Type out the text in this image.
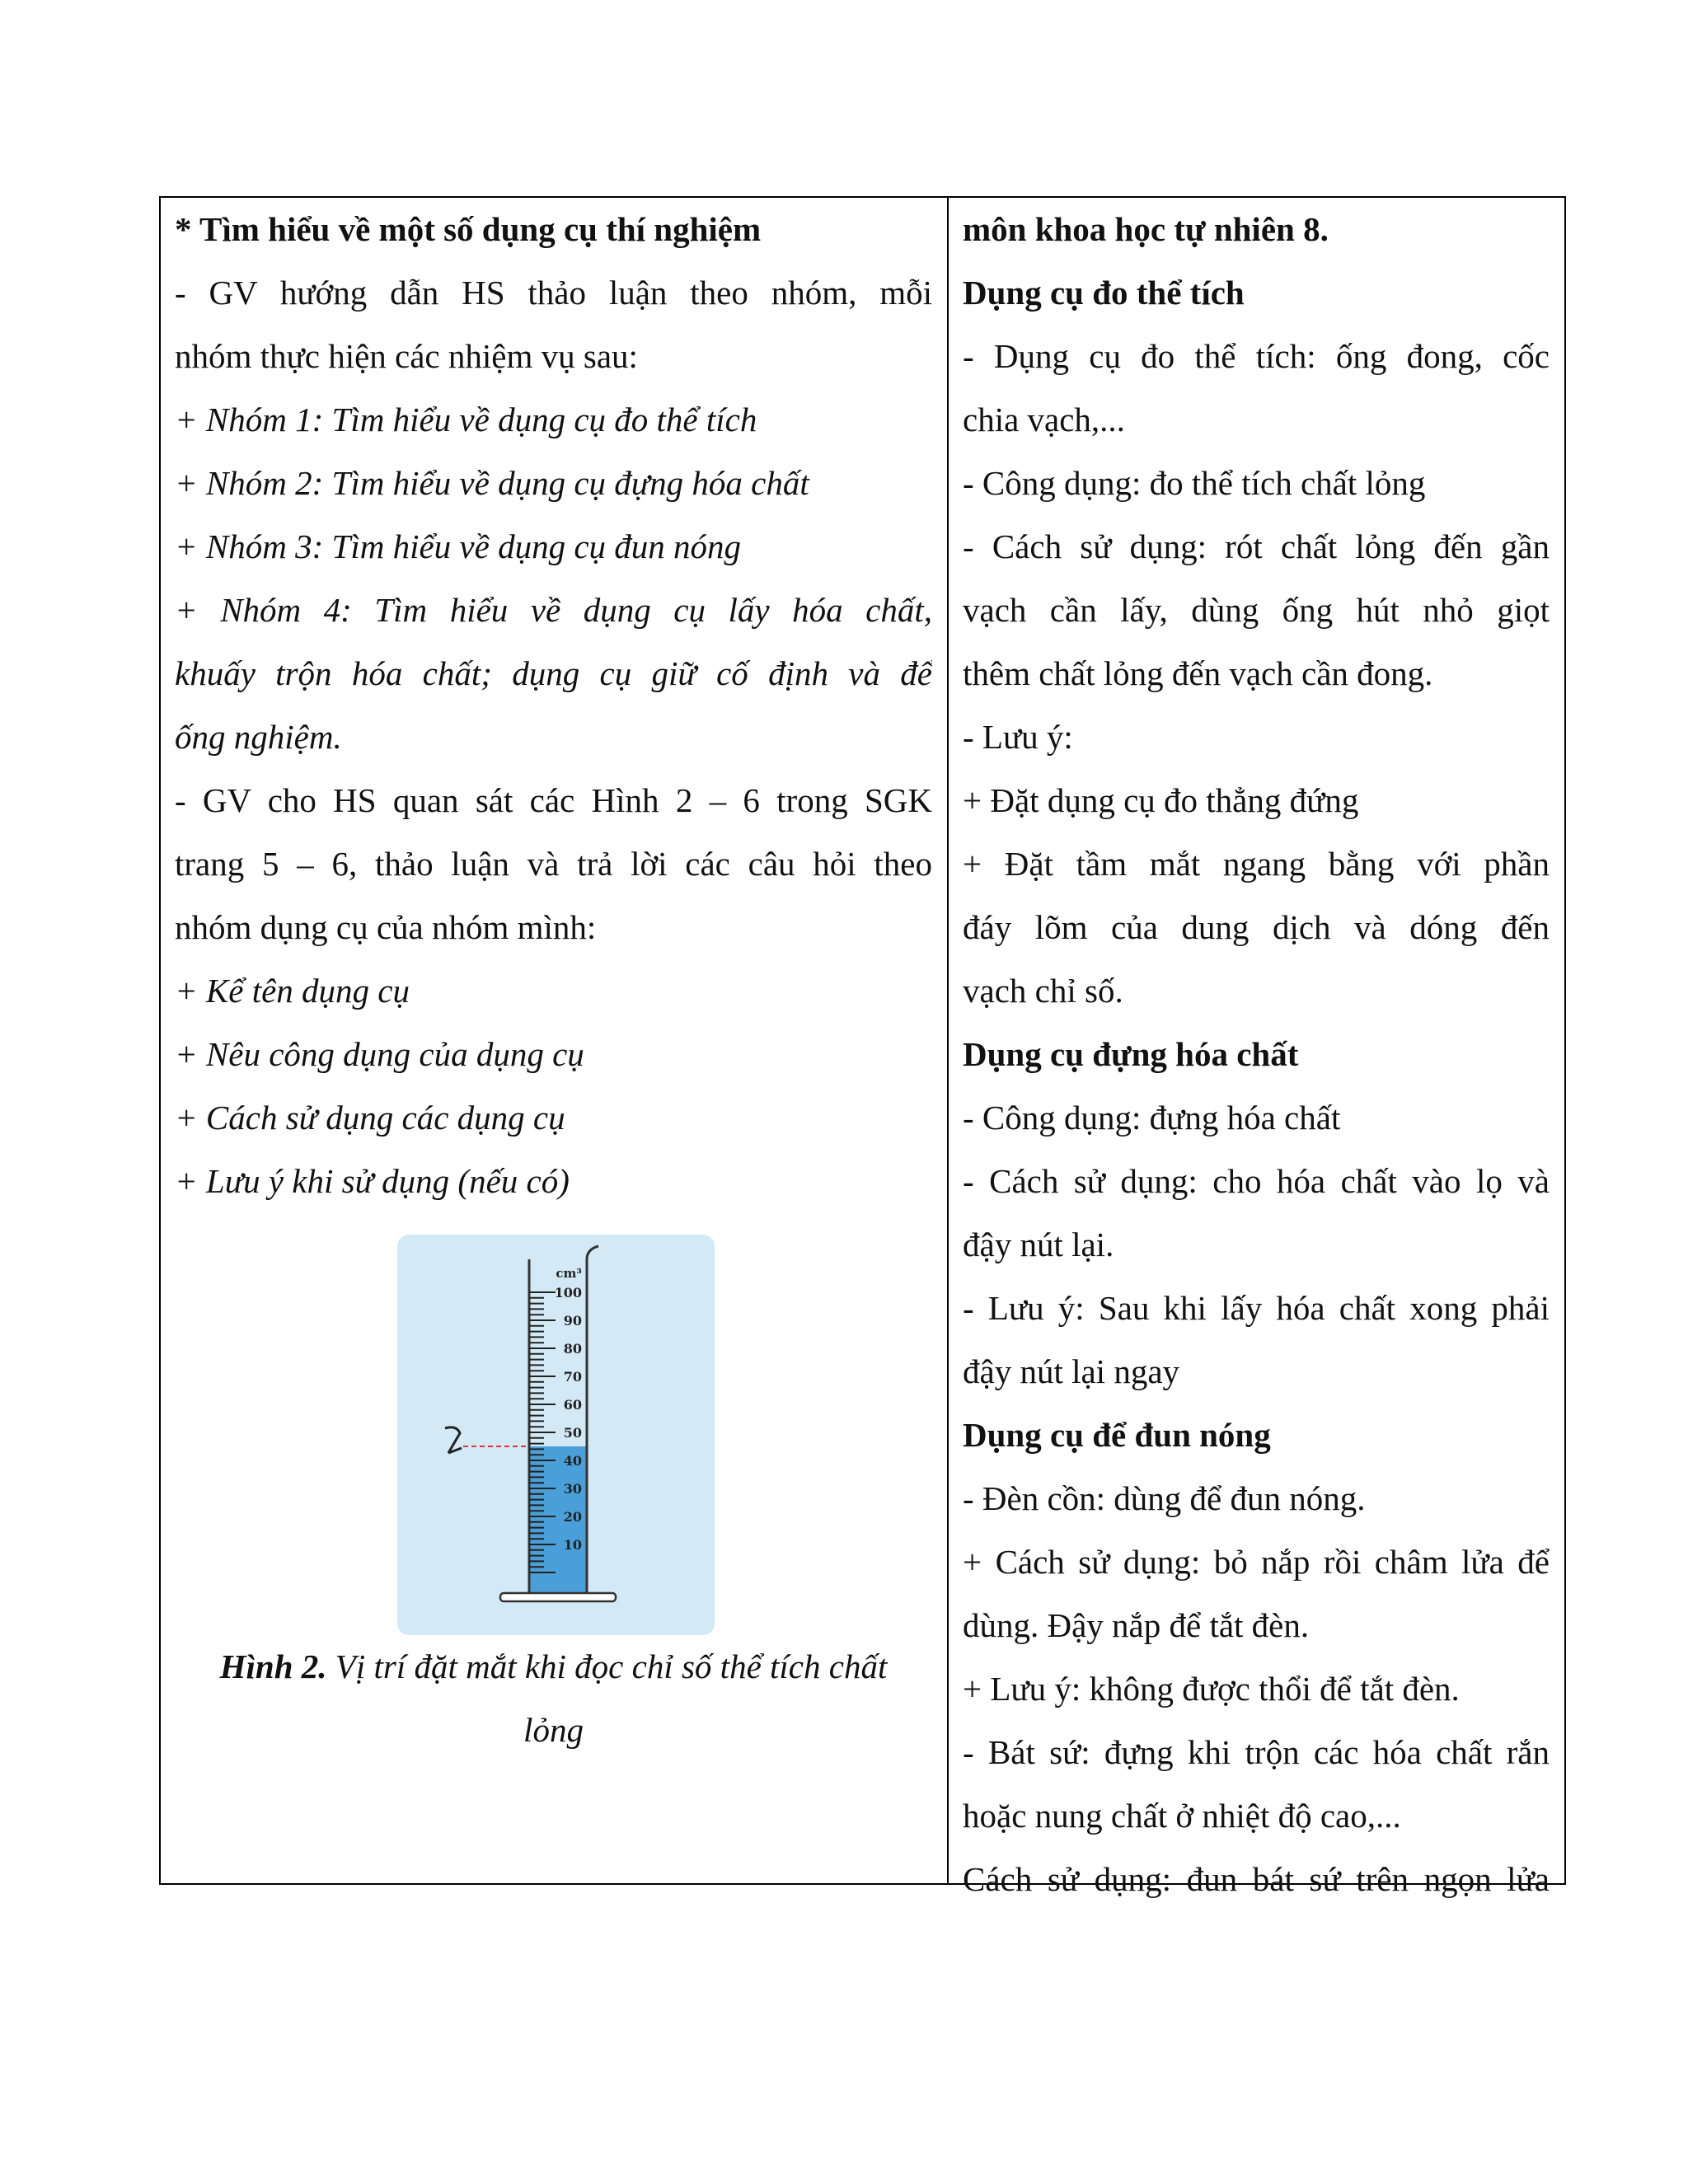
* Tìm hiểu về một số dụng cụ thí nghiệm
- GV hướng dẫn HS thảo luận theo nhóm, mỗi
nhóm thực hiện các nhiệm vụ sau:
+ Nhóm 1: Tìm hiểu về dụng cụ đo thể tích
+ Nhóm 2: Tìm hiểu về dụng cụ đựng hóa chất
+ Nhóm 3: Tìm hiểu về dụng cụ đun nóng
+ Nhóm 4: Tìm hiểu về dụng cụ lấy hóa chất,
khuấy trộn hóa chất; dụng cụ giữ cố định và để
ống nghiệm.
- GV cho HS quan sát các Hình 2 – 6 trong SGK
trang 5 – 6, thảo luận và trả lời các câu hỏi theo
nhóm dụng cụ của nhóm mình:
+ Kể tên dụng cụ
+ Nêu công dụng của dụng cụ
+ Cách sử dụng các dụng cụ
+ Lưu ý khi sử dụng (nếu có)
100
90
80
70
60
50
40
30
20
10
cm³
Hình 2. Vị trí đặt mắt khi đọc chỉ số thể tích chất
lỏng
môn khoa học tự nhiên 8.
Dụng cụ đo thể tích
- Dụng cụ đo thể tích: ống đong, cốc
chia vạch,...
- Công dụng: đo thể tích chất lỏng
- Cách sử dụng: rót chất lỏng đến gần
vạch cần lấy, dùng ống hút nhỏ giọt
thêm chất lỏng đến vạch cần đong.
- Lưu ý:
+ Đặt dụng cụ đo thẳng đứng
+ Đặt tầm mắt ngang bằng với phần
đáy lõm của dung dịch và dóng đến
vạch chỉ số.
Dụng cụ đựng hóa chất
- Công dụng: đựng hóa chất
- Cách sử dụng: cho hóa chất vào lọ và
đậy nút lại.
- Lưu ý: Sau khi lấy hóa chất xong phải
đậy nút lại ngay
Dụng cụ để đun nóng
- Đèn cồn: dùng để đun nóng.
+ Cách sử dụng: bỏ nắp rồi châm lửa để
dùng. Đậy nắp để tắt đèn.
+ Lưu ý: không được thổi để tắt đèn.
- Bát sứ: đựng khi trộn các hóa chất rắn
hoặc nung chất ở nhiệt độ cao,...
Cách sử dụng: đun bát sứ trên ngọn lửa
